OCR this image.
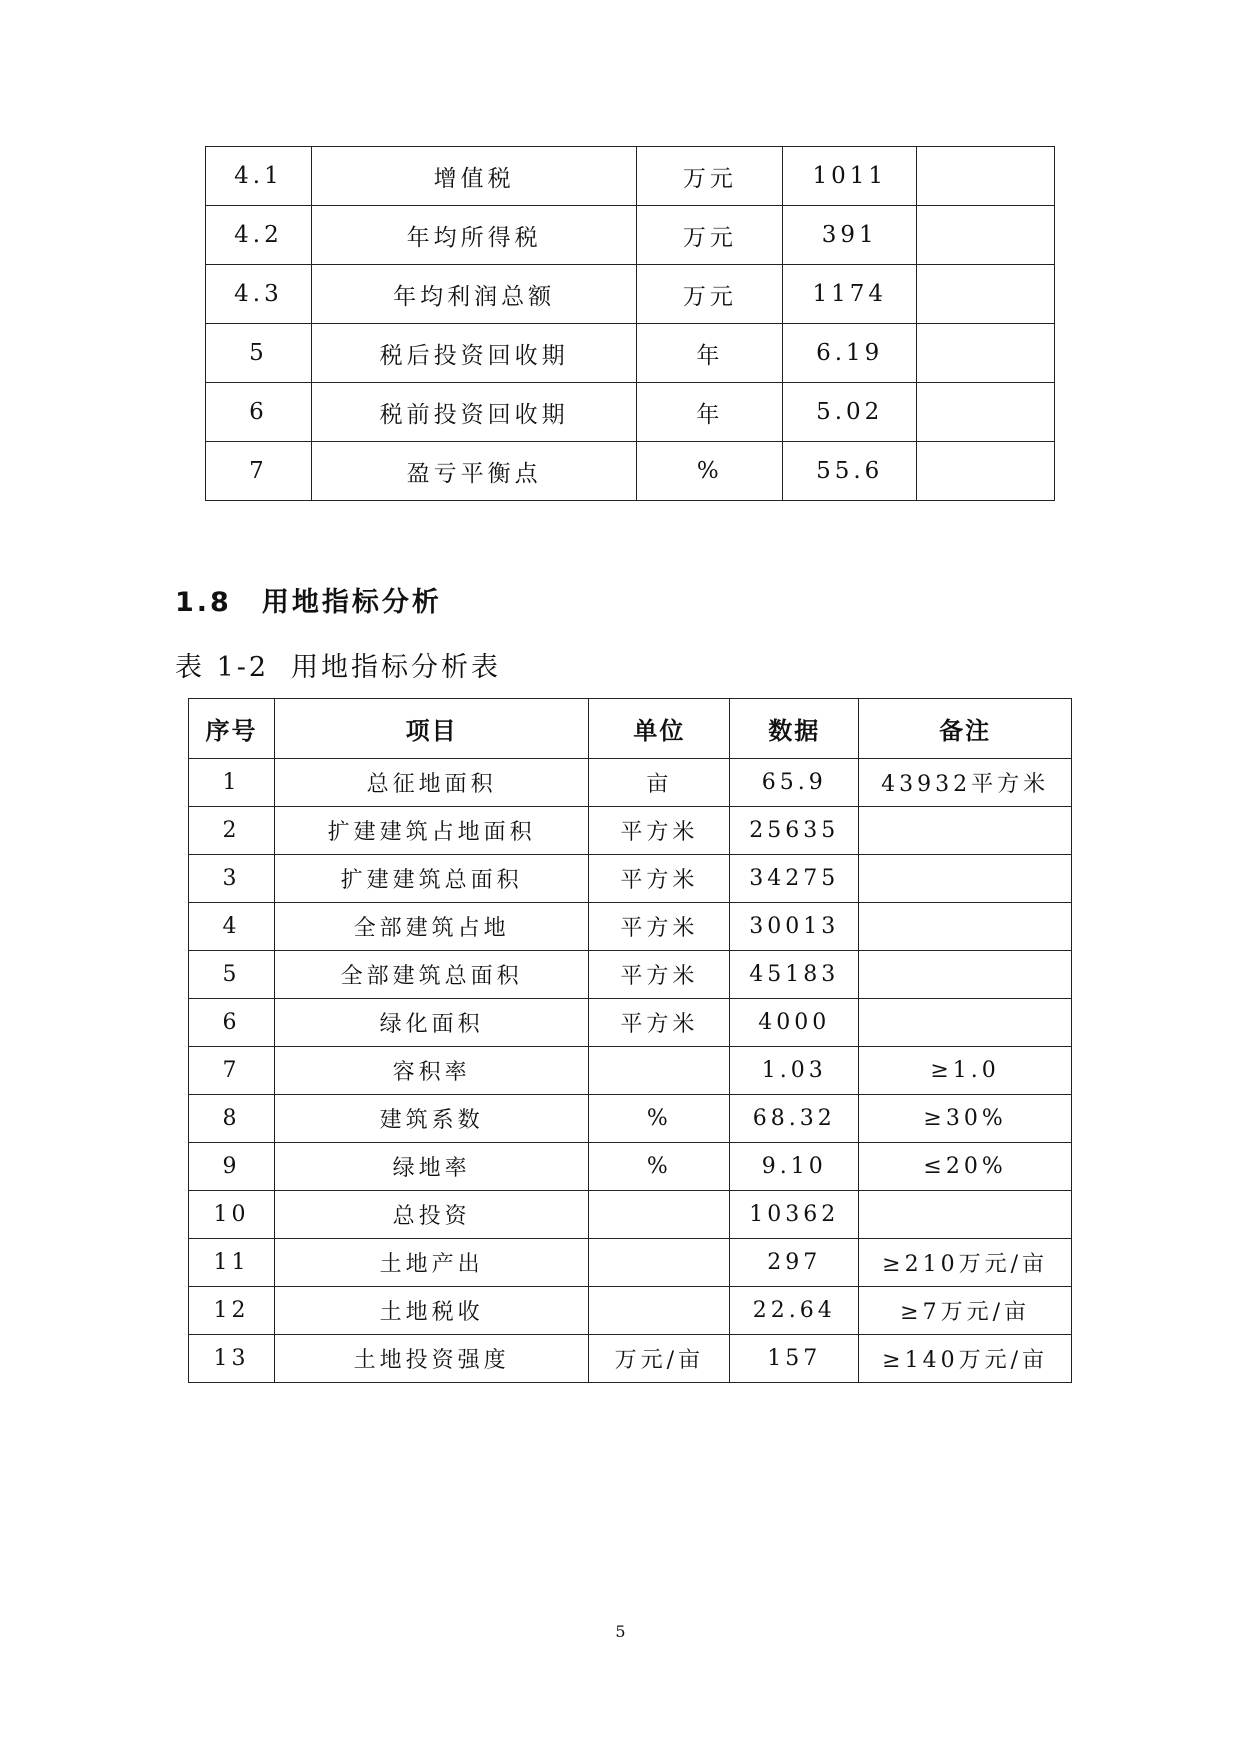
4.1	增值税	万元	1011	
4.2	年均所得税	万元	391	
4.3	年均利润总额	万元	1174	
5	税后投资回收期	年	6.19	
6	税前投资回收期	年	5.02	
7	盈亏平衡点	%	55.6	
1.8 用地指标分析
表 1-2 用地指标分析表
序号	项目	单位	数据	备注
1	总征地面积	亩	65.9	43932平方米
2	扩建建筑占地面积	平方米	25635	
3	扩建建筑总面积	平方米	34275	
4	全部建筑占地	平方米	30013	
5	全部建筑总面积	平方米	45183	
6	绿化面积	平方米	4000	
7	容积率		1.03	≥1.0
8	建筑系数	%	68.32	≥30%
9	绿地率	%	9.10	≤20%
10	总投资		10362	
11	土地产出		297	≥210万元/亩
12	土地税收		22.64	≥7万元/亩
13	土地投资强度	万元/亩	157	≥140万元/亩
5
